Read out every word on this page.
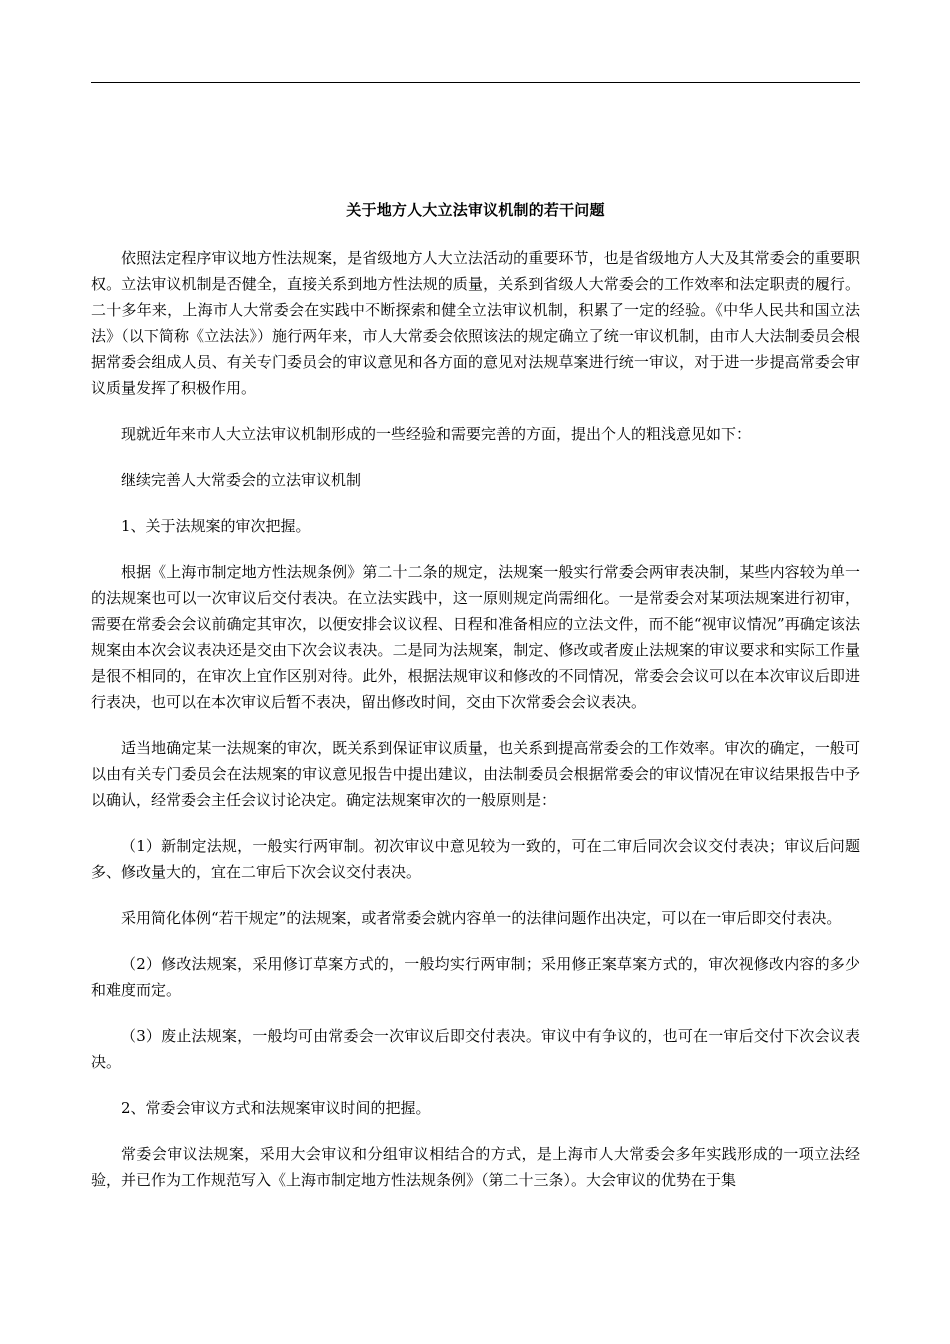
关于地方人大立法审议机制的若干问题

依照法定程序审议地方性法规案，是省级地方人大立法活动的重要环节，也是省级地方人大及其常委会的重要职权。立法审议机制是否健全，直接关系到地方性法规的质量，关系到省级人大常委会的工作效率和法定职责的履行。二十多年来，上海市人大常委会在实践中不断探索和健全立法审议机制，积累了一定的经验。《中华人民共和国立法法》（以下简称《立法法》）施行两年来，市人大常委会依照该法的规定确立了统一审议机制，由市人大法制委员会根据常委会组成人员、有关专门委员会的审议意见和各方面的意见对法规草案进行统一审议，对于进一步提高常委会审议质量发挥了积极作用。

现就近年来市人大立法审议机制形成的一些经验和需要完善的方面，提出个人的粗浅意见如下：

继续完善人大常委会的立法审议机制

1、关于法规案的审次把握。

根据《上海市制定地方性法规条例》第二十二条的规定，法规案一般实行常委会两审表决制，某些内容较为单一的法规案也可以一次审议后交付表决。在立法实践中，这一原则规定尚需细化。一是常委会对某项法规案进行初审，需要在常委会会议前确定其审次，以便安排会议议程、日程和准备相应的立法文件，而不能“视审议情况”再确定该法规案由本次会议表决还是交由下次会议表决。二是同为法规案，制定、修改或者废止法规案的审议要求和实际工作量是很不相同的，在审次上宜作区别对待。此外，根据法规审议和修改的不同情况，常委会会议可以在本次审议后即进行表决，也可以在本次审议后暂不表决，留出修改时间，交由下次常委会会议表决。

适当地确定某一法规案的审次，既关系到保证审议质量，也关系到提高常委会的工作效率。审次的确定，一般可以由有关专门委员会在法规案的审议意见报告中提出建议，由法制委员会根据常委会的审议情况在审议结果报告中予以确认，经常委会主任会议讨论决定。确定法规案审次的一般原则是：

（1）新制定法规，一般实行两审制。初次审议中意见较为一致的，可在二审后同次会议交付表决；审议后问题多、修改量大的，宜在二审后下次会议交付表决。

采用简化体例“若干规定”的法规案，或者常委会就内容单一的法律问题作出决定，可以在一审后即交付表决。

（2）修改法规案，采用修订草案方式的，一般均实行两审制；采用修正案草案方式的，审次视修改内容的多少和难度而定。

（3）废止法规案，一般均可由常委会一次审议后即交付表决。审议中有争议的，也可在一审后交付下次会议表决。

2、常委会审议方式和法规案审议时间的把握。

常委会审议法规案，采用大会审议和分组审议相结合的方式，是上海市人大常委会多年实践形成的一项立法经验，并已作为工作规范写入《上海市制定地方性法规条例》（第二十三条）。大会审议的优势在于集
